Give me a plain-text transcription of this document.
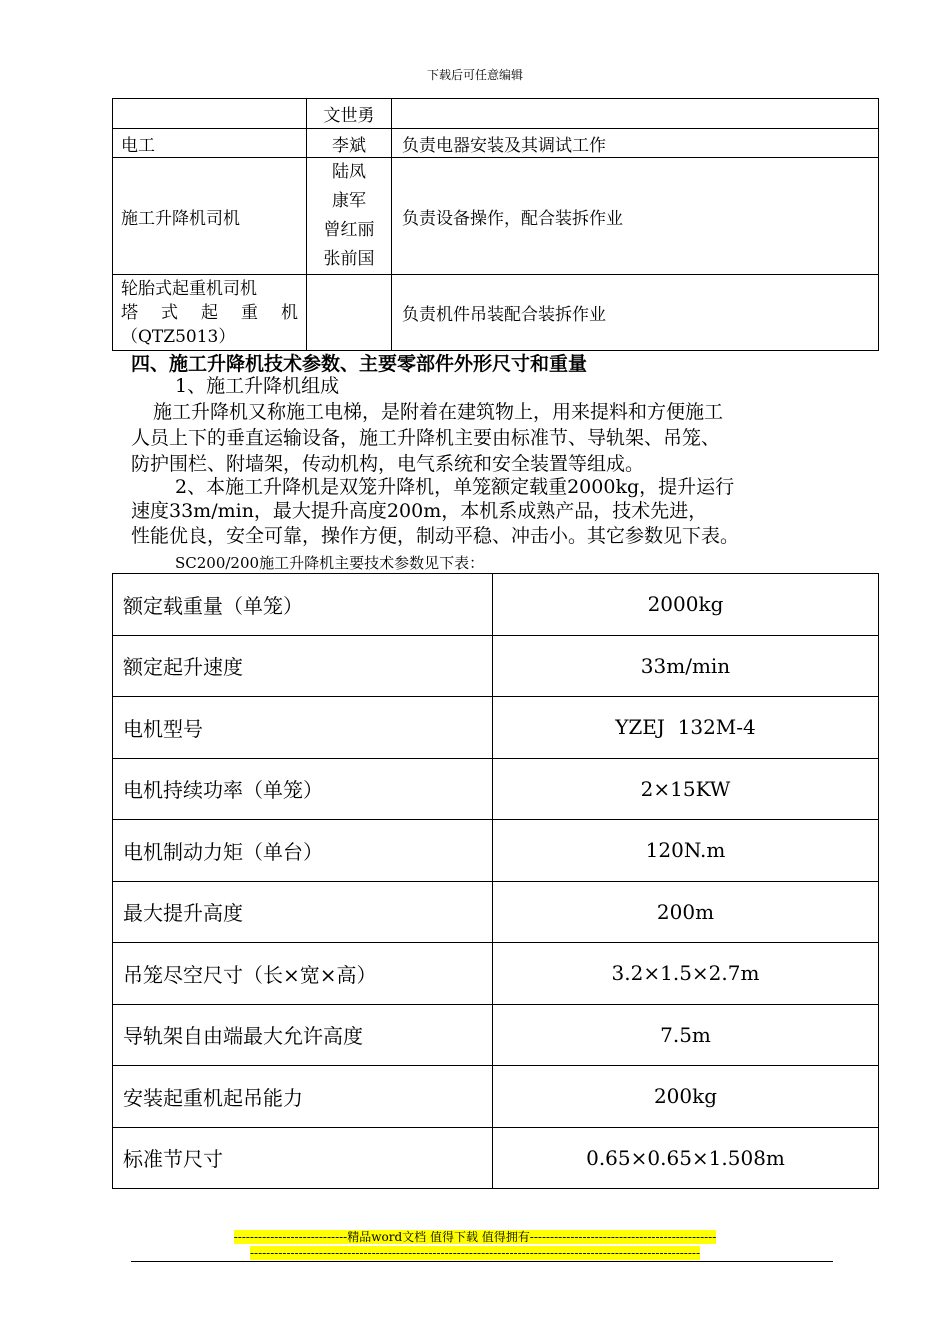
下载后可任意编辑

	文世勇	

电工	李斌	负责电器安装及其调试工作
施工升降机司机	陆凤
康军
曾红丽
张前国	负责设备操作，配合装拆作业

轮胎式起重机司机
塔 式 起 重 机
（QTZ5013）		负责机件吊装配合装拆作业
四、施工升降机技术参数、主要零部件外形尺寸和重量
1、施工升降机组成
施工升降机又称施工电梯，是附着在建筑物上，用来提料和方便施工
人员上下的垂直运输设备，施工升降机主要由标准节、导轨架、吊笼、
防护围栏、附墙架，传动机构，电气系统和安全装置等组成。
2、本施工升降机是双笼升降机，单笼额定载重2000kg，提升运行
速度33m/min，最大提升高度200m，本机系成熟产品，技术先进，
性能优良，安全可靠，操作方便，制动平稳、冲击小。其它参数见下表。
SC200/200施工升降机主要技术参数见下表：
额定载重量（单笼）	2000kg
额定起升速度	33m/min
电机型号	YZEJ  132M-4
电机持续功率（单笼）	2×15KW
电机制动力矩（单台）	120N.m
最大提升高度	200m
吊笼尽空尺寸（长×宽×高）	3.2×1.5×2.7m
导轨架自由端最大允许高度	7.5m
安装起重机起吊能力	200kg
标准节尺寸	0.65×0.65×1.508m
----------------------------精品word文档 值得下载 值得拥有----------------------------------------------
---------------------------------------------------------------------------------------------------------------
